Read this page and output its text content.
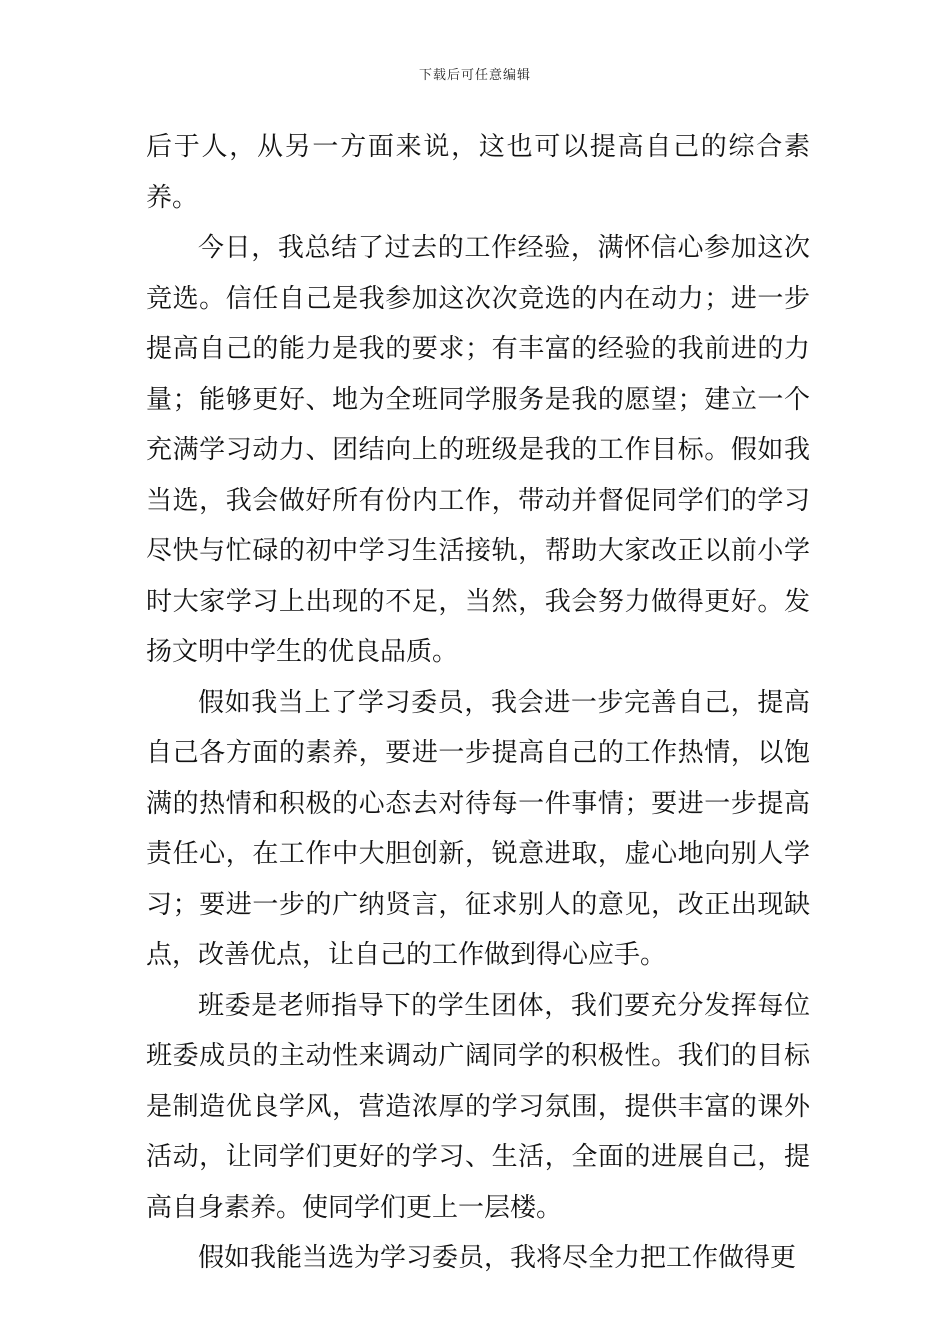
下载后可任意编辑

后于人，从另一方面来说，这也可以提高自己的综合素养。

今日，我总结了过去的工作经验，满怀信心参加这次竞选。信任自己是我参加这次次竞选的内在动力；进一步提高自己的能力是我的要求；有丰富的经验的我前进的力量；能够更好、地为全班同学服务是我的愿望；建立一个充满学习动力、团结向上的班级是我的工作目标。假如我当选，我会做好所有份内工作，带动并督促同学们的学习尽快与忙碌的初中学习生活接轨，帮助大家改正以前小学时大家学习上出现的不足，当然，我会努力做得更好。发扬文明中学生的优良品质。

假如我当上了学习委员，我会进一步完善自己，提高自己各方面的素养，要进一步提高自己的工作热情，以饱满的热情和积极的心态去对待每一件事情；要进一步提高责任心，在工作中大胆创新，锐意进取，虚心地向别人学习；要进一步的广纳贤言，征求别人的意见，改正出现缺点，改善优点，让自己的工作做到得心应手。

班委是老师指导下的学生团体，我们要充分发挥每位班委成员的主动性来调动广阔同学的积极性。我们的目标是制造优良学风，营造浓厚的学习氛围，提供丰富的课外活动，让同学们更好的学习、生活，全面的进展自己，提高自身素养。使同学们更上一层楼。

假如我能当选为学习委员，我将尽全力把工作做得更
